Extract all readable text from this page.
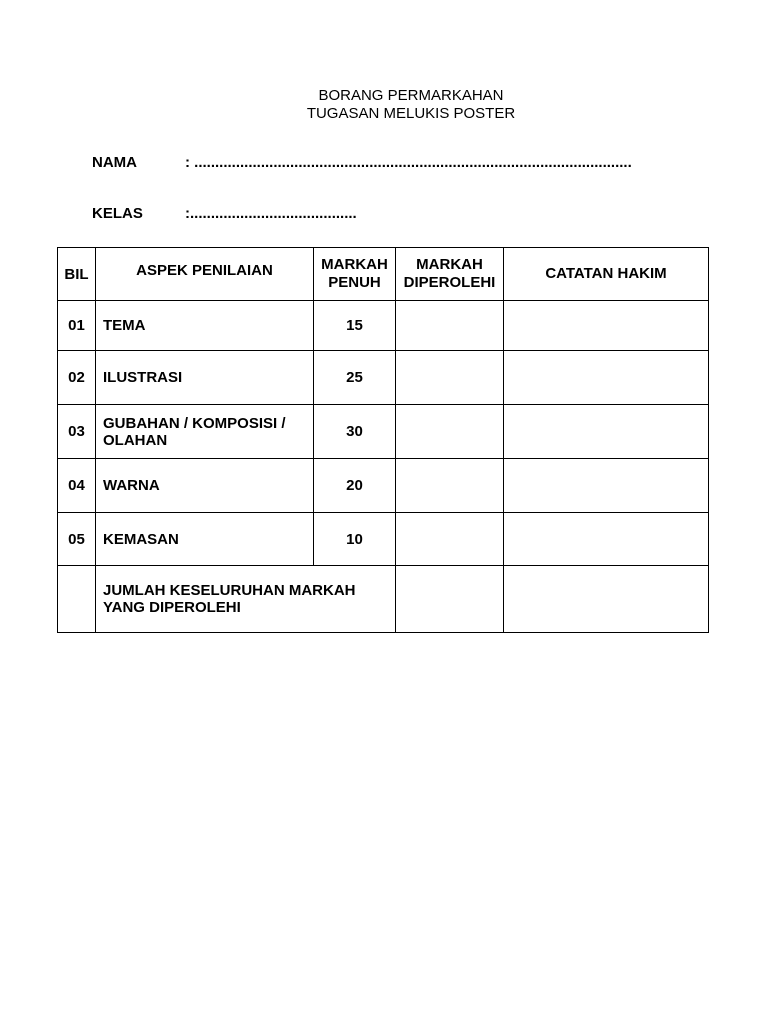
BORANG PERMARKAHAN
TUGASAN MELUKIS POSTER
NAMA	: .........................................................................................................
KELAS	:........................................
BIL	ASPEK PENILAIAN	MARKAH PENUH	MARKAH DIPEROLEHI	CATATAN HAKIM
01	TEMA	15		
02	ILUSTRASI	25		
03	GUBAHAN / KOMPOSISI / OLAHAN	30		
04	WARNA	20		
05	KEMASAN	10		
	JUMLAH KESELURUHAN MARKAH YANG DIPEROLEHI			
